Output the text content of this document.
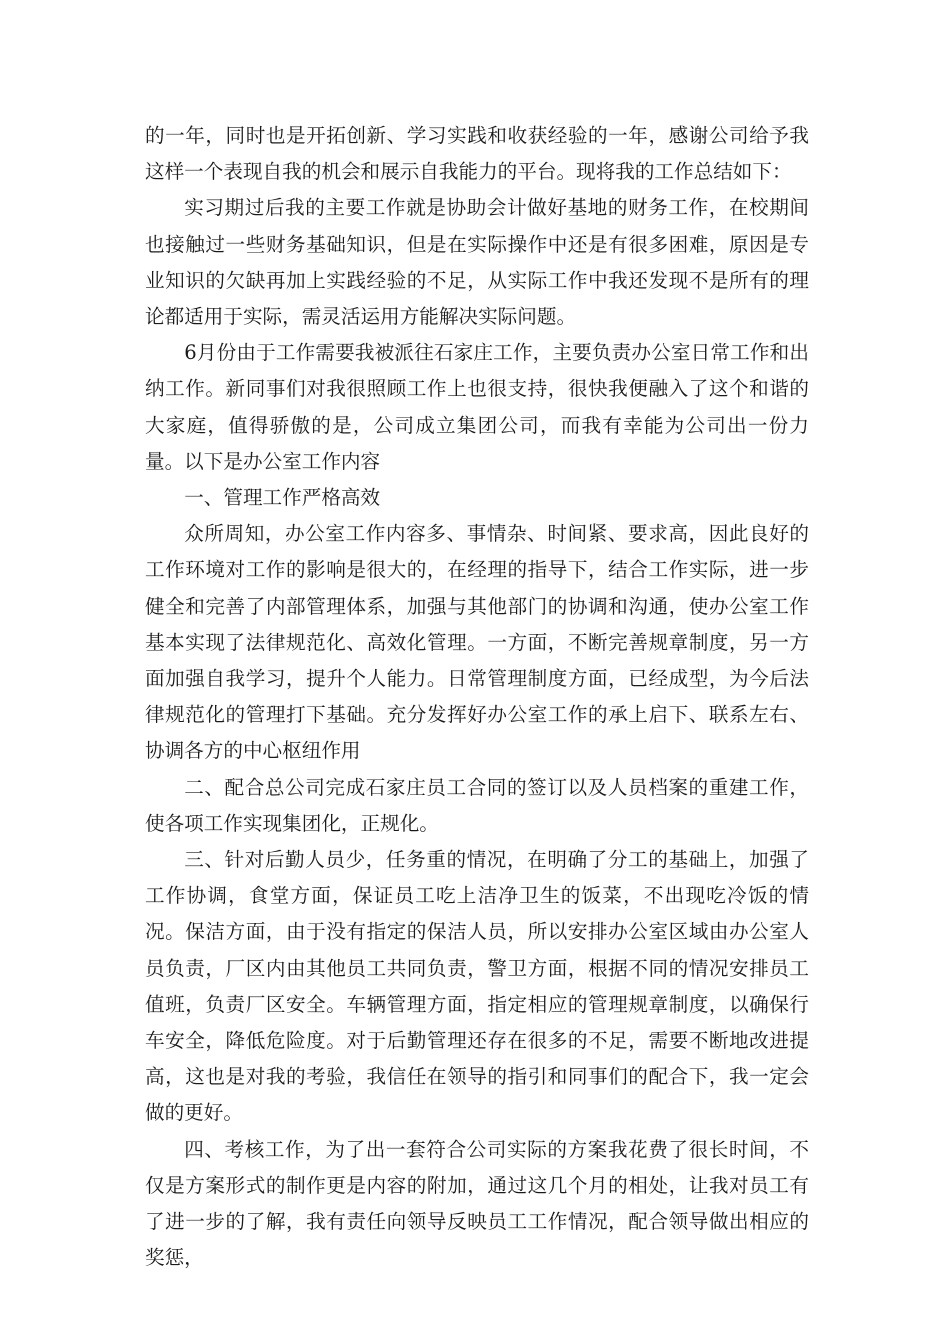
的一年，同时也是开拓创新、学习实践和收获经验的一年，感谢公司给予我这样一个表现自我的机会和展示自我能力的平台。现将我的工作总结如下：

实习期过后我的主要工作就是协助会计做好基地的财务工作，在校期间也接触过一些财务基础知识，但是在实际操作中还是有很多困难，原因是专业知识的欠缺再加上实践经验的不足，从实际工作中我还发现不是所有的理论都适用于实际，需灵活运用方能解决实际问题。

6月份由于工作需要我被派往石家庄工作，主要负责办公室日常工作和出纳工作。新同事们对我很照顾工作上也很支持，很快我便融入了这个和谐的大家庭，值得骄傲的是，公司成立集团公司，而我有幸能为公司出一份力量。以下是办公室工作内容

一、管理工作严格高效

众所周知，办公室工作内容多、事情杂、时间紧、要求高，因此良好的工作环境对工作的影响是很大的，在经理的指导下，结合工作实际，进一步健全和完善了内部管理体系，加强与其他部门的协调和沟通，使办公室工作基本实现了法律规范化、高效化管理。一方面，不断完善规章制度，另一方面加强自我学习，提升个人能力。日常管理制度方面，已经成型，为今后法律规范化的管理打下基础。充分发挥好办公室工作的承上启下、联系左右、协调各方的中心枢纽作用

二、配合总公司完成石家庄员工合同的签订以及人员档案的重建工作，使各项工作实现集团化，正规化。

三、针对后勤人员少，任务重的情况，在明确了分工的基础上，加强了工作协调，食堂方面，保证员工吃上洁净卫生的饭菜，不出现吃冷饭的情况。保洁方面，由于没有指定的保洁人员，所以安排办公室区域由办公室人员负责，厂区内由其他员工共同负责，警卫方面，根据不同的情况安排员工值班，负责厂区安全。车辆管理方面，指定相应的管理规章制度，以确保行车安全，降低危险度。对于后勤管理还存在很多的不足，需要不断地改进提高，这也是对我的考验，我信任在领导的指引和同事们的配合下，我一定会做的更好。

四、考核工作，为了出一套符合公司实际的方案我花费了很长时间，不仅是方案形式的制作更是内容的附加，通过这几个月的相处，让我对员工有了进一步的了解，我有责任向领导反映员工工作情况，配合领导做出相应的奖惩，
